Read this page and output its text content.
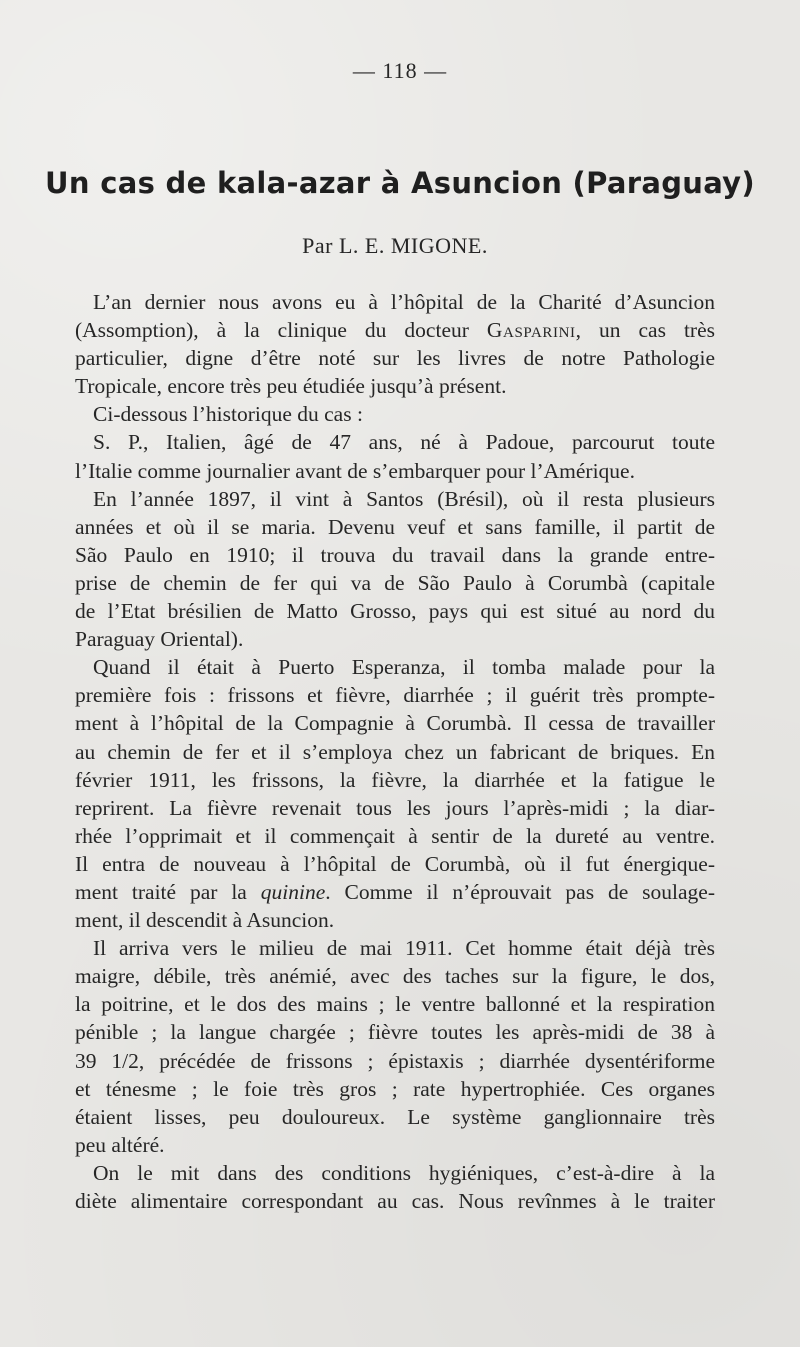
— 118 —
Un cas de kala-azar à Asuncion (Paraguay)
Par L. E. MIGONE.
L’an dernier nous avons eu à l’hôpital de la Charité d’Asuncion
(Assomption), à la clinique du docteur Gasparini, un cas très
particulier, digne d’être noté sur les livres de notre Pathologie
Tropicale, encore très peu étudiée jusqu’à présent.
Ci-dessous l’historique du cas :
S. P., Italien, âgé de 47 ans, né à Padoue, parcourut toute
l’Italie comme journalier avant de s’embarquer pour l’Amérique.
En l’année 1897, il vint à Santos (Brésil), où il resta plusieurs
années et où il se maria. Devenu veuf et sans famille, il partit de
São Paulo en 1910; il trouva du travail dans la grande entre-
prise de chemin de fer qui va de São Paulo à Corumbà (capitale
de l’Etat brésilien de Matto Grosso, pays qui est situé au nord du
Paraguay Oriental).
Quand il était à Puerto Esperanza, il tomba malade pour la
première fois : frissons et fièvre, diarrhée ; il guérit très prompte-
ment à l’hôpital de la Compagnie à Corumbà. Il cessa de travailler
au chemin de fer et il s’employa chez un fabricant de briques. En
février 1911, les frissons, la fièvre, la diarrhée et la fatigue le
reprirent. La fièvre revenait tous les jours l’après-midi ; la diar-
rhée l’opprimait et il commençait à sentir de la dureté au ventre.
Il entra de nouveau à l’hôpital de Corumbà, où il fut énergique-
ment traité par la quinine. Comme il n’éprouvait pas de soulage-
ment, il descendit à Asuncion.
Il arriva vers le milieu de mai 1911. Cet homme était déjà très
maigre, débile, très anémié, avec des taches sur la figure, le dos,
la poitrine, et le dos des mains ; le ventre ballonné et la respiration
pénible ; la langue chargée ; fièvre toutes les après-midi de 38 à
39 1/2, précédée de frissons ; épistaxis ; diarrhée dysentériforme
et ténesme ; le foie très gros ; rate hypertrophiée. Ces organes
étaient lisses, peu douloureux. Le système ganglionnaire très
peu altéré.
On le mit dans des conditions hygiéniques, c’est-à-dire à la
diète alimentaire correspondant au cas. Nous revînmes à le traiter
